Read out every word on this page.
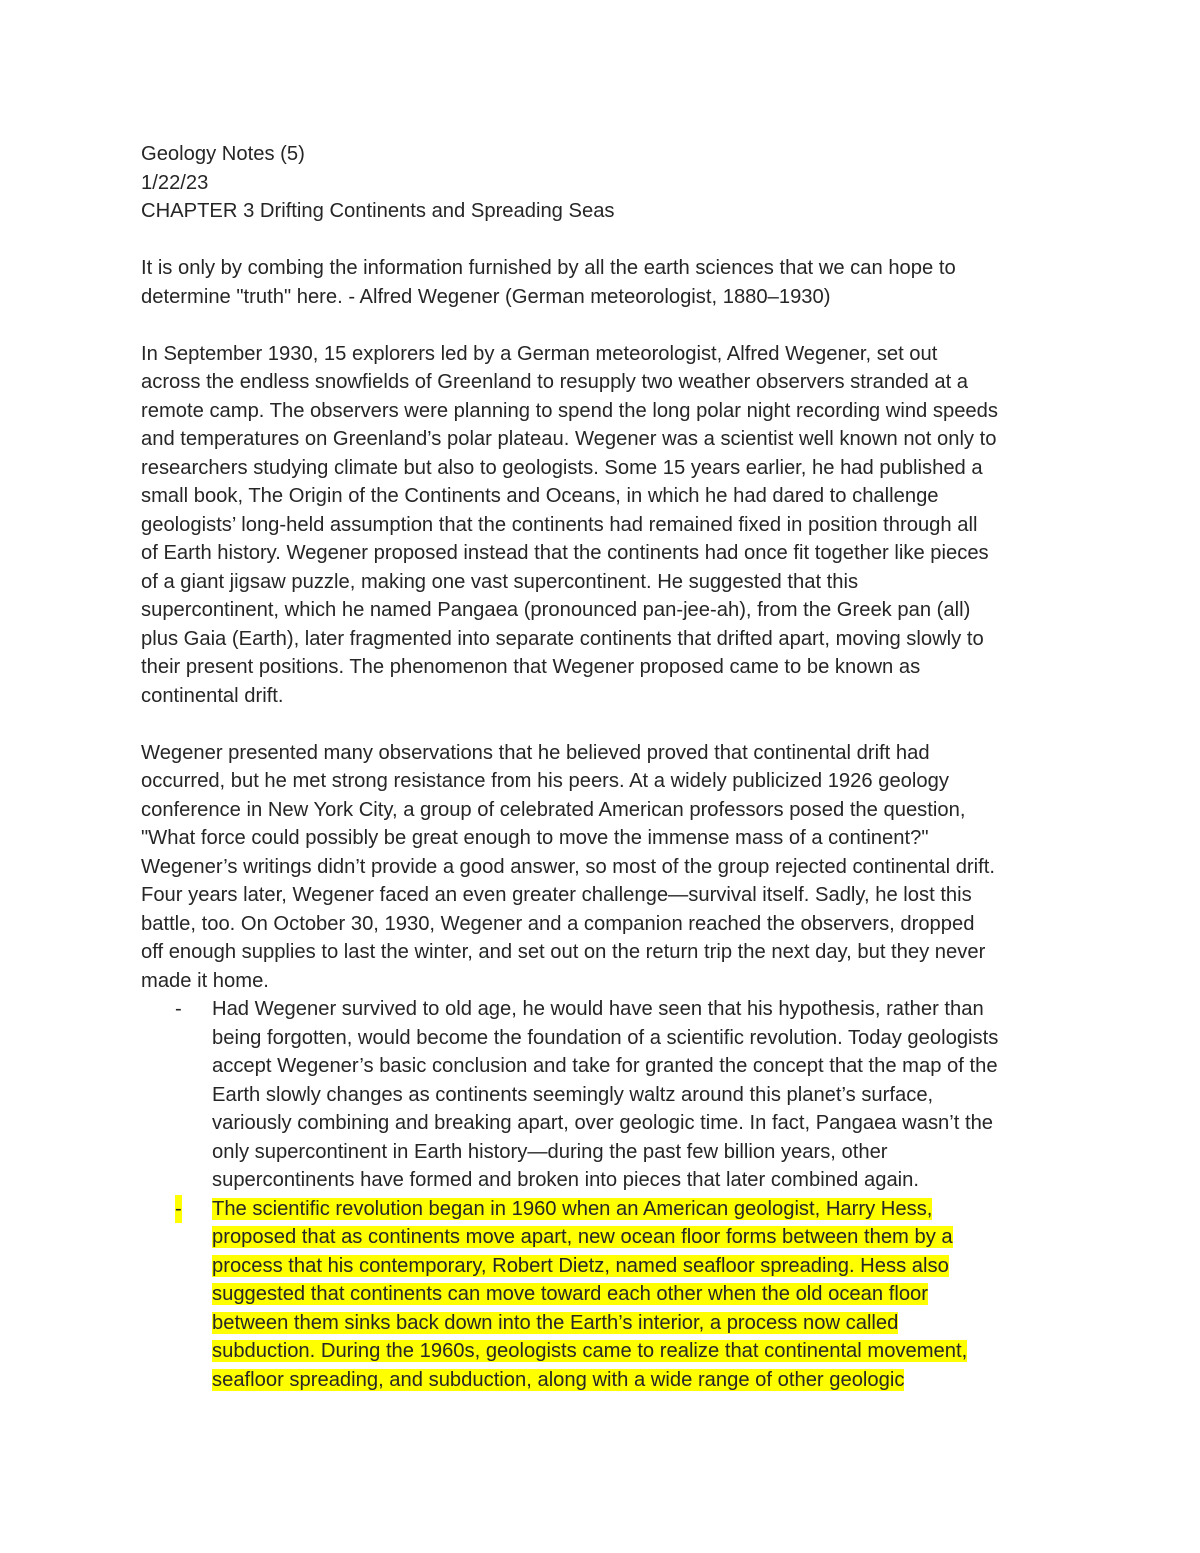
Geology Notes (5)
1/22/23
CHAPTER 3 Drifting Continents and Spreading Seas
It is only by combing the information furnished by all the earth sciences that we can hope to
determine "truth" here. - Alfred Wegener (German meteorologist, 1880–1930)
In September 1930, 15 explorers led by a German meteorologist, Alfred Wegener, set out
across the endless snowfields of Greenland to resupply two weather observers stranded at a
remote camp. The observers were planning to spend the long polar night recording wind speeds
and temperatures on Greenland’s polar plateau. Wegener was a scientist well known not only to
researchers studying climate but also to geologists. Some 15 years earlier, he had published a
small book, The Origin of the Continents and Oceans, in which he had dared to challenge
geologists’ long-held assumption that the continents had remained fixed in position through all
of Earth history. Wegener proposed instead that the continents had once fit together like pieces
of a giant jigsaw puzzle, making one vast supercontinent. He suggested that this
supercontinent, which he named Pangaea (pronounced pan-jee-ah), from the Greek pan (all)
plus Gaia (Earth), later fragmented into separate continents that drifted apart, moving slowly to
their present positions. The phenomenon that Wegener proposed came to be known as
continental drift.
Wegener presented many observations that he believed proved that continental drift had
occurred, but he met strong resistance from his peers. At a widely publicized 1926 geology
conference in New York City, a group of celebrated American professors posed the question,
"What force could possibly be great enough to move the immense mass of a continent?"
Wegener’s writings didn’t provide a good answer, so most of the group rejected continental drift.
Four years later, Wegener faced an even greater challenge—survival itself. Sadly, he lost this
battle, too. On October 30, 1930, Wegener and a companion reached the observers, dropped
off enough supplies to last the winter, and set out on the return trip the next day, but they never
made it home.
- Had Wegener survived to old age, he would have seen that his hypothesis, rather than
being forgotten, would become the foundation of a scientific revolution. Today geologists
accept Wegener’s basic conclusion and take for granted the concept that the map of the
Earth slowly changes as continents seemingly waltz around this planet’s surface,
variously combining and breaking apart, over geologic time. In fact, Pangaea wasn’t the
only supercontinent in Earth history—during the past few billion years, other
supercontinents have formed and broken into pieces that later combined again.
- The scientific revolution began in 1960 when an American geologist, Harry Hess,
proposed that as continents move apart, new ocean floor forms between them by a
process that his contemporary, Robert Dietz, named seafloor spreading. Hess also
suggested that continents can move toward each other when the old ocean floor
between them sinks back down into the Earth’s interior, a process now called
subduction. During the 1960s, geologists came to realize that continental movement,
seafloor spreading, and subduction, along with a wide range of other geologic
